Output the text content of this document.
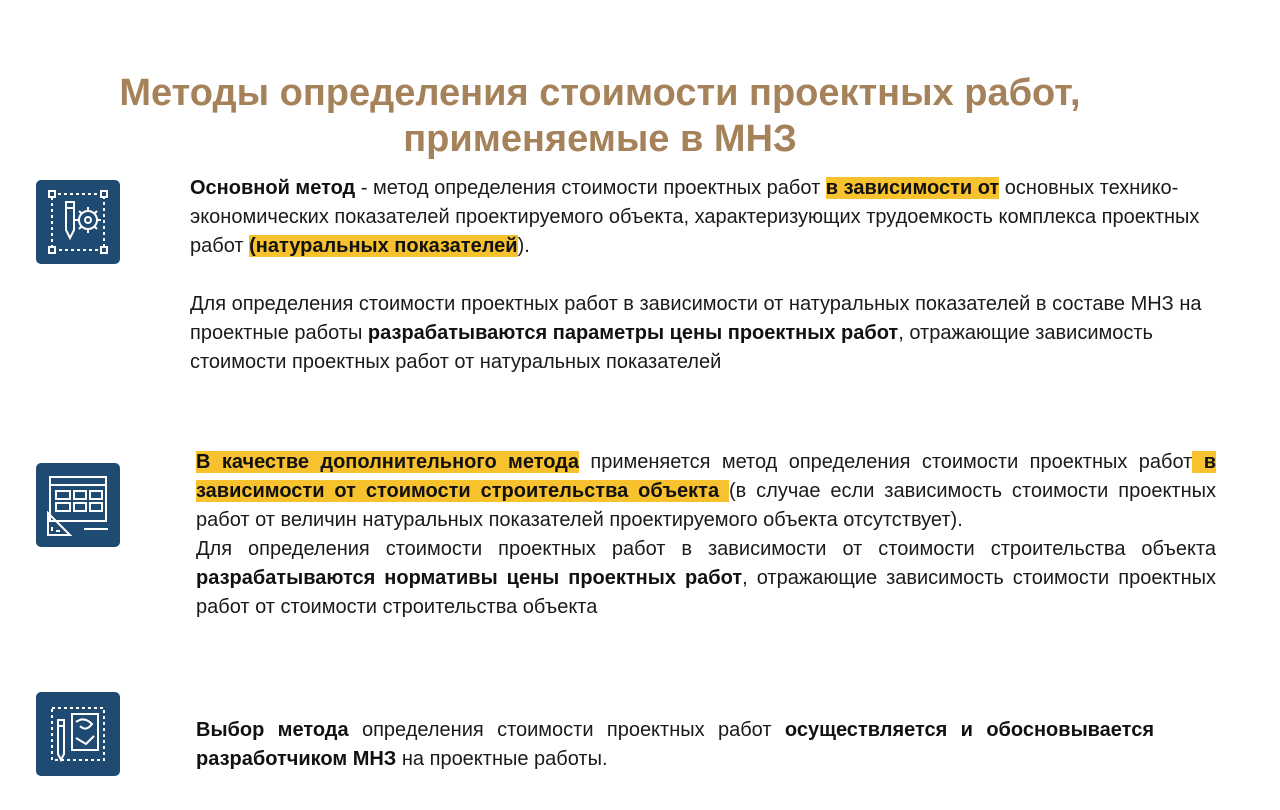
Методы определения стоимости проектных работ,
применяемые в МНЗ

Основной метод - метод определения стоимости проектных работ в зависимости от основных технико-экономических показателей проектируемого объекта, характеризующих трудоемкость комплекса проектных работ (натуральных показателей).

Для определения стоимости проектных работ в зависимости от натуральных показателей в составе МНЗ на проектные работы разрабатываются параметры цены проектных работ, отражающие зависимость стоимости проектных работ от натуральных показателей

В качестве дополнительного метода применяется метод определения стоимости проектных работ в зависимости от стоимости строительства объекта (в случае если зависимость стоимости проектных работ от величин натуральных показателей проектируемого объекта отсутствует).

Для определения стоимости проектных работ в зависимости от стоимости строительства объекта разрабатываются нормативы цены проектных работ, отражающие зависимость стоимости проектных работ от стоимости строительства объекта

Выбор метода определения стоимости проектных работ осуществляется и обосновывается разработчиком МНЗ на проектные работы.
